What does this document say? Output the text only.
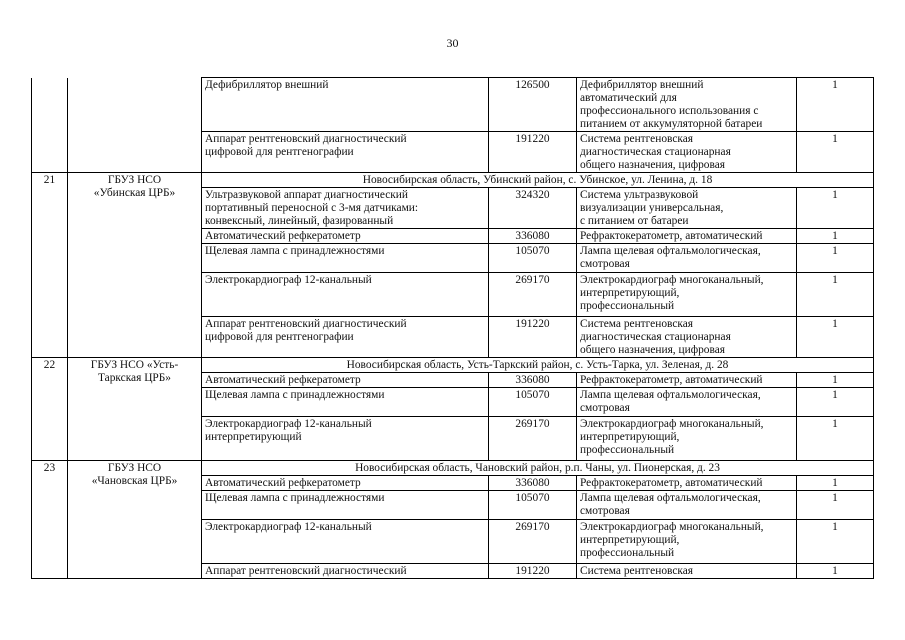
30

		Дефибриллятор внешний	126500	Дефибриллятор внешний
автоматический для
профессионального использования с
питанием от аккумуляторной батареи	1

		Аппарат рентгеновский диагностический
цифровой для рентгенографии	191220	Система рентгеновская
диагностическая стационарная
общего назначения, цифровая	1
21	ГБУЗ НСО
«Убинская ЦРБ»	Новосибирская область, Убинский район, с. Убинское, ул. Ленина, д. 18			

		Ультразвуковой аппарат диагностический
портативный переносной с 3-мя датчиками:
конвексный, линейный, фазированный	324320	Система ультразвуковой
визуализации универсальная,
с питанием от батареи	1

		Автоматический рефкератометр	336080	Рефрактокератометр, автоматический	1

		Щелевая лампа с принадлежностями	105070	Лампа щелевая офтальмологическая,
смотровая	1

		Электрокардиограф 12-канальный	269170	Электрокардиограф многоканальный,
интерпретирующий,
профессиональный	1

		Аппарат рентгеновский диагностический
цифровой для рентгенографии	191220	Система рентгеновская
диагностическая стационарная
общего назначения, цифровая	1
22	ГБУЗ НСО «Усть-
Таркская ЦРБ»	Новосибирская область, Усть-Таркский район, с. Усть-Тарка, ул. Зеленая, д. 28			

		Автоматический рефкератометр	336080	Рефрактокератометр, автоматический	1

		Щелевая лампа с принадлежностями	105070	Лампа щелевая офтальмологическая,
смотровая	1

		Электрокардиограф 12-канальный
интерпретирующий	269170	Электрокардиограф многоканальный,
интерпретирующий,
профессиональный	1
23	ГБУЗ НСО
«Чановская ЦРБ»	Новосибирская область, Чановский район, р.п. Чаны, ул. Пионерская, д. 23			

		Автоматический рефкератометр	336080	Рефрактокератометр, автоматический	1

		Щелевая лампа с принадлежностями	105070	Лампа щелевая офтальмологическая,
смотровая	1

		Электрокардиограф 12-канальный	269170	Электрокардиограф многоканальный,
интерпретирующий,
профессиональный	1

		Аппарат рентгеновский диагностический	191220	Система рентгеновская	1
